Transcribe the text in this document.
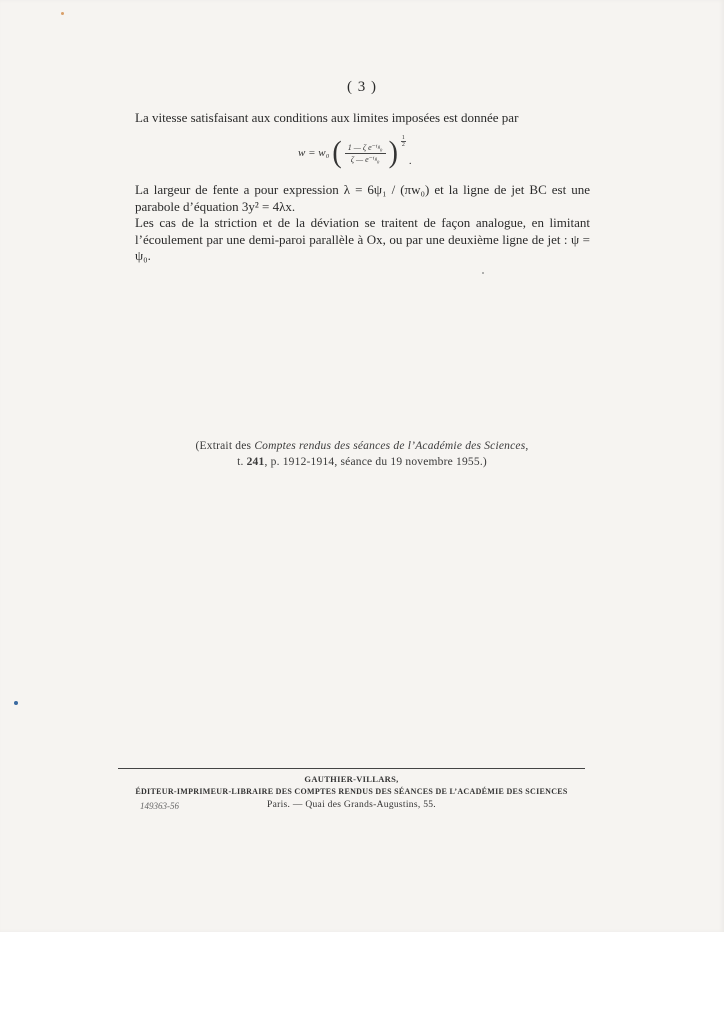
( 3 )
La vitesse satisfaisant aux conditions aux limites imposées est donnée par
w = w₀ ( $\frac{\text{1 — ζ e⁻ⁱᵍ₀}}{\text{ζ — e⁻ⁱᵍ₀}}$ ) $\frac{1}{2}$
.
La largeur de fente a pour expression λ = 6ψ₁ / (πw₀) et la ligne de jet BC est une parabole d’équation 3y² = 4λx.
Les cas de la striction et de la déviation se traitent de façon analogue, en limitant l’écoulement par une demi-paroi parallèle à Ox, ou par une deuxième ligne de jet : ψ = ψ₀.
(Extrait des Comptes rendus des séances de l’Académie des Sciences,
t. 241, p. 1912-1914, séance du 19 novembre 1955.)
GAUTHIER-VILLARS,
ÉDITEUR-IMPRIMEUR-LIBRAIRE DES COMPTES RENDUS DES SÉANCES DE L’ACADÉMIE DES SCIENCES
149363-56	Paris. — Quai des Grands-Augustins, 55.
